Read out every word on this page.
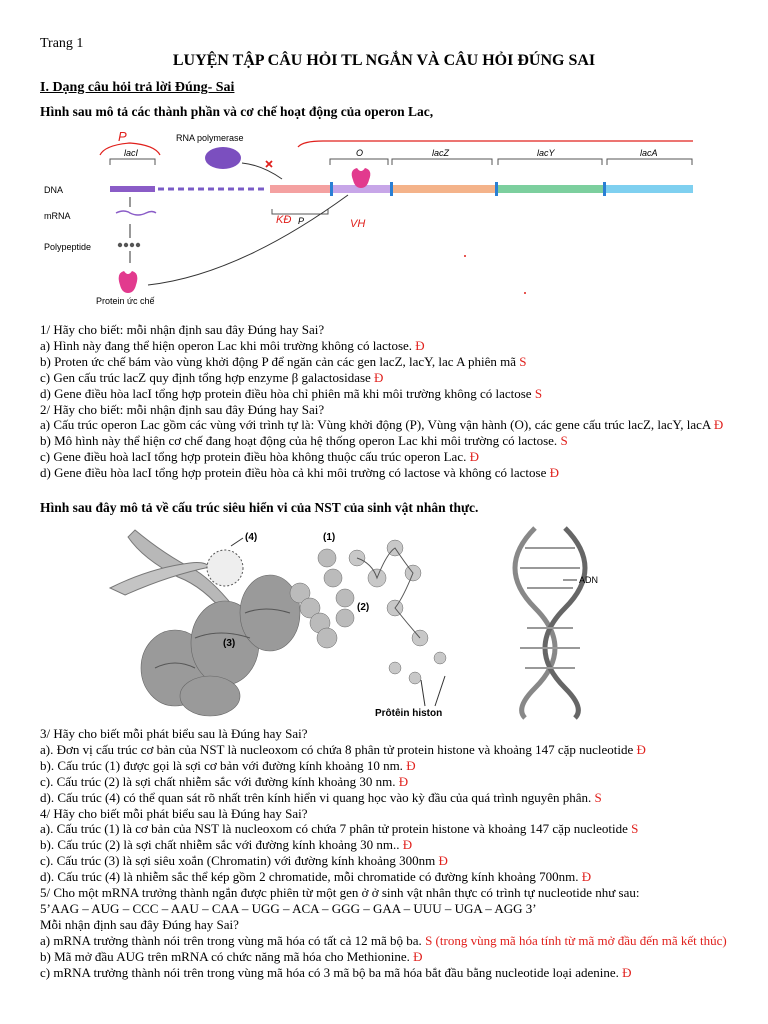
Trang 1
LUYỆN TẬP CÂU HỎI TL NGẮN VÀ CÂU HỎI ĐÚNG SAI
I. Dạng câu hỏi trả lời Đúng- Sai
Hình sau mô tả các thành phần và cơ chế hoạt động của operon Lac,
lacI	O	lacZ	lacY	lacA
P
P	RNA polymerase
DNA
mRNA
Polypeptide
Protein ức chế
KĐ	VH
1/ Hãy cho biết: mỗi nhận định sau đây Đúng hay Sai?
a) Hình này đang thể hiện operon Lac khi môi trường không có lactose. Đ
b) Proten ức chế bám vào vùng khởi động P để ngăn cản các gen lacZ, lacY, lac A phiên mã S
c) Gen cấu trúc lacZ quy định tổng hợp enzyme β galactosidase Đ
d) Gene điều hòa lacI tổng hợp protein điều hòa chỉ phiên mã khi môi trường không có lactose S
2/ Hãy cho biết: mỗi nhận định sau đây Đúng hay Sai?
a) Cấu trúc operon Lac gồm các vùng với trình tự là: Vùng khởi động (P), Vùng vận hành (O), các gene cấu trúc lacZ, lacY, lacA Đ
b) Mô hình này thể hiện cơ chế đang hoạt động của hệ thống operon Lac khi môi trường có lactose. S
c) Gene điều hoà lacI tổng hợp protein điều hòa không thuộc cấu trúc operon Lac. Đ
d) Gene điều hòa lacI tổng hợp protein điều hòa cả khi môi trường có lactose và không có lactose Đ
Hình sau đây mô tả về cấu trúc siêu hiển vi của NST của sinh vật nhân thực.
(4)
(3)
(2)
(1)
ADN
Prôtêin histon
3/ Hãy cho biết mỗi phát biểu sau là Đúng hay Sai?
a). Đơn vị cấu trúc cơ bản của NST là nucleoxom có chứa 8 phân tử protein histone và khoảng 147 cặp nucleotide Đ
b). Cấu trúc (1) được gọi là sợi cơ bản với đường kính khoảng 10 nm. Đ
c). Cấu trúc (2) là sợi chất nhiễm sắc với đường kính khoảng 30 nm. Đ
d). Cấu trúc (4) có thể quan sát rõ nhất trên kính hiển vi quang học vào kỳ đầu của quá trình nguyên phân. S
4/ Hãy cho biết mỗi phát biểu sau là Đúng hay Sai?
a). Cấu trúc (1) là cơ bản của NST là nucleoxom có chứa 7 phân tử protein histone và khoảng 147 cặp nucleotide S
b). Cấu trúc (2) là sợi chất nhiễm sắc với đường kính khoảng 30 nm.. Đ
c). Cấu trúc (3) là sợi siêu xoắn (Chromatin) với đường kính khoảng 300nm Đ
d). Cấu trúc (4) là nhiễm sắc thể kép gồm 2 chromatide, mỗi chromatide có đường kính khoảng 700nm. Đ
5/ Cho một mRNA trưởng thành ngắn được phiên từ một gen ở ở sinh vật nhân thực có trình tự nucleotide như sau:
5’AAG – AUG – CCC – AAU – CAA – UGG – ACA – GGG – GAA – UUU – UGA – AGG 3’
Mỗi nhận định sau đây Đúng hay Sai?
a) mRNA trưởng thành nói trên trong vùng mã hóa có tất cả 12 mã bộ ba. S (trong vùng mã hóa tính từ mã mở đầu đến mã kết thúc)
b) Mã mở đầu AUG trên mRNA có chức năng mã hóa cho Methionine. Đ
c) mRNA trưởng thành nói trên trong vùng mã hóa có 3 mã bộ ba mã hóa bắt đầu bằng nucleotide loại adenine. Đ
